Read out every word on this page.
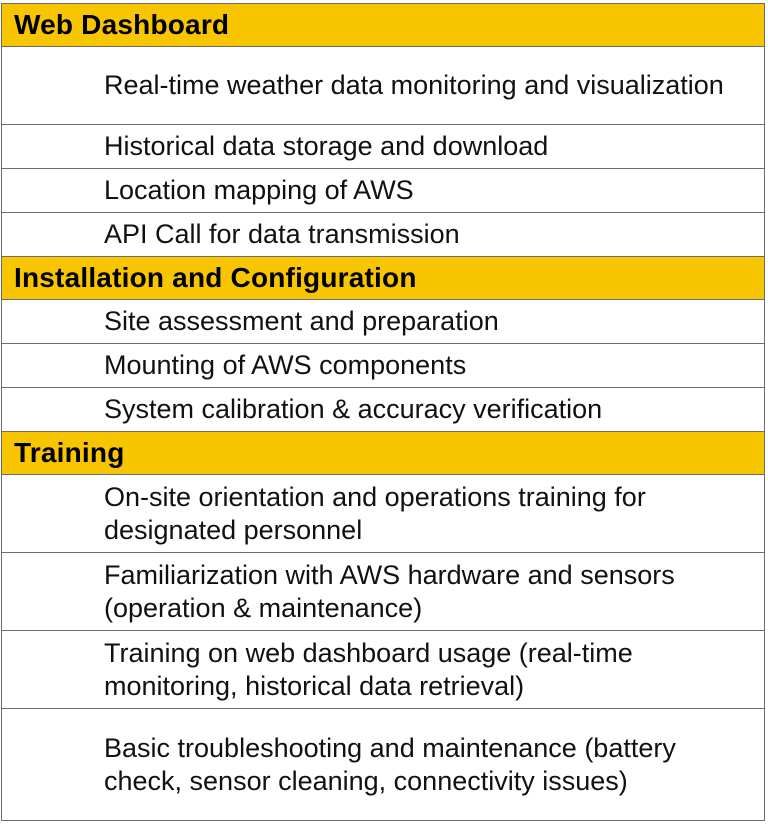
Web Dashboard
Real-time weather data monitoring and visualization
Historical data storage and download
Location mapping of AWS
API Call for data transmission
Installation and Configuration
Site assessment and preparation
Mounting of AWS components
System calibration & accuracy verification
Training
On-site orientation and operations training for designated personnel
Familiarization with AWS hardware and sensors (operation & maintenance)
Training on web dashboard usage (real-time monitoring, historical data retrieval)
Basic troubleshooting and maintenance (battery check, sensor cleaning, connectivity issues)
